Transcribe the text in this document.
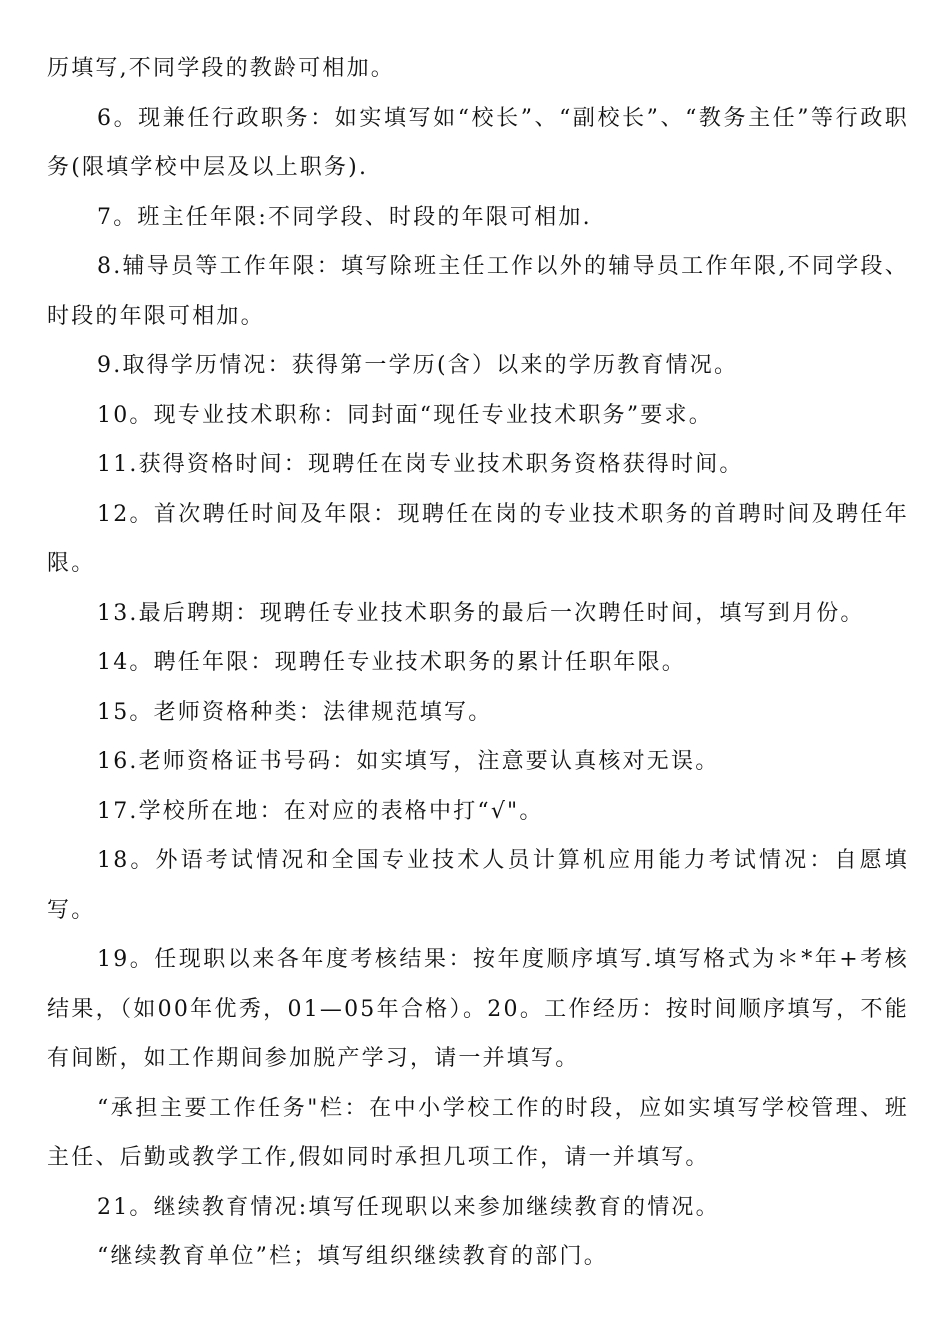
历填写,不同学段的教龄可相加。

6。现兼任行政职务：如实填写如“校长”、“副校长”、“教务主任”等行政职务(限填学校中层及以上职务).

7。班主任年限:不同学段、时段的年限可相加.

8.辅导员等工作年限：填写除班主任工作以外的辅导员工作年限,不同学段、时段的年限可相加。

9.取得学历情况：获得第一学历(含）以来的学历教育情况。

10。现专业技术职称：同封面“现任专业技术职务”要求。

11.获得资格时间：现聘任在岗专业技术职务资格获得时间。

12。首次聘任时间及年限：现聘任在岗的专业技术职务的首聘时间及聘任年限。

13.最后聘期：现聘任专业技术职务的最后一次聘任时间，填写到月份。

14。聘任年限：现聘任专业技术职务的累计任职年限。

15。老师资格种类：法律规范填写。

16.老师资格证书号码：如实填写，注意要认真核对无误。

17.学校所在地：在对应的表格中打“√"。

18。外语考试情况和全国专业技术人员计算机应用能力考试情况：自愿填写。

19。任现职以来各年度考核结果：按年度顺序填写.填写格式为＊*年+考核结果，（如00年优秀，01—05年合格）。20。工作经历：按时间顺序填写，不能有间断，如工作期间参加脱产学习，请一并填写。

“承担主要工作任务"栏：在中小学校工作的时段，应如实填写学校管理、班主任、后勤或教学工作,假如同时承担几项工作，请一并填写。

21。继续教育情况:填写任现职以来参加继续教育的情况。

“继续教育单位”栏；填写组织继续教育的部门。
